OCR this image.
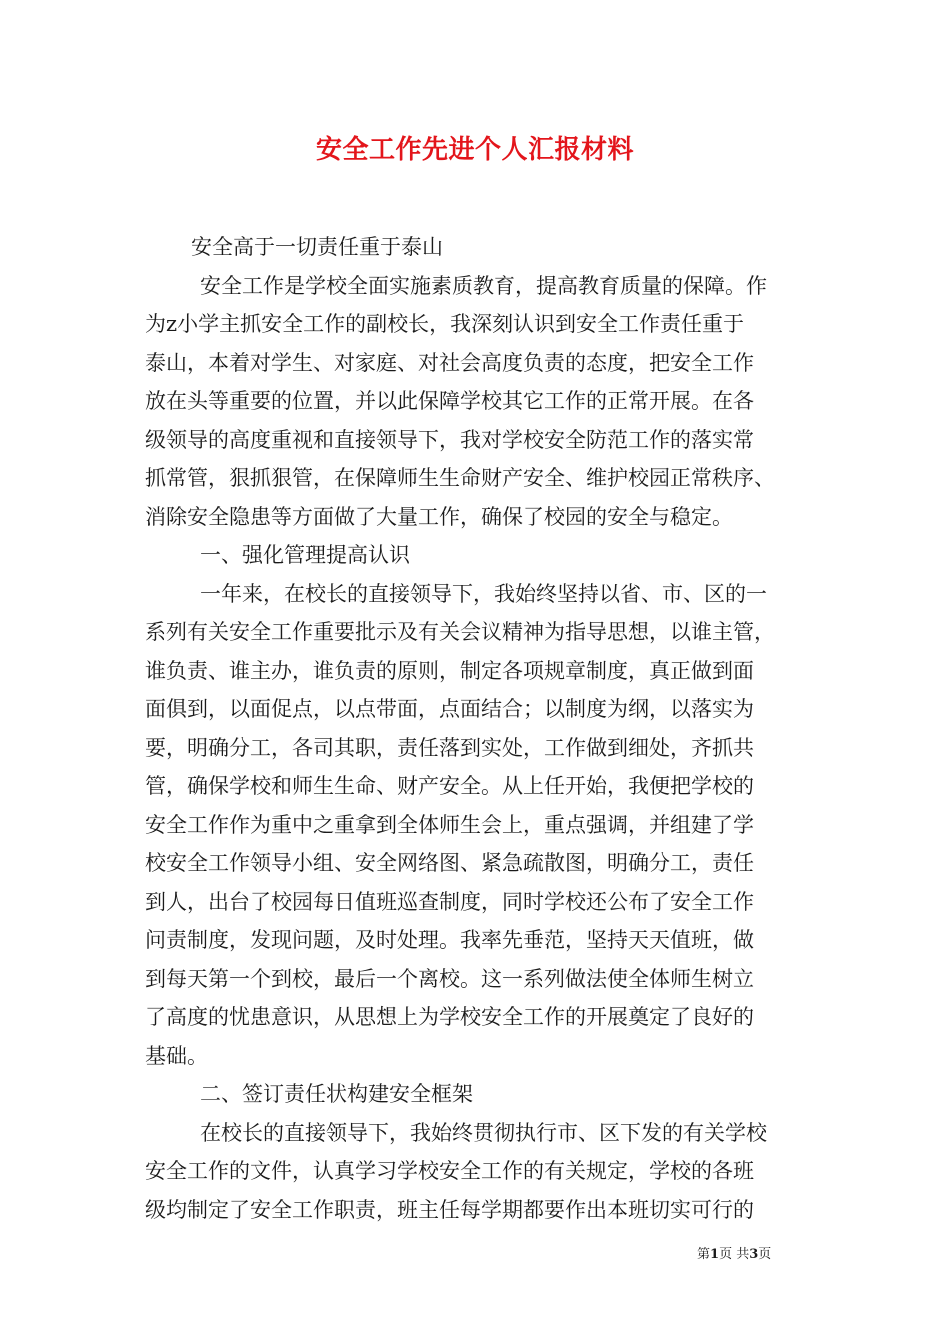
安全工作先进个人汇报材料
安全高于一切责任重于泰山
安全工作是学校全面实施素质教育，提高教育质量的保障。作
为z小学主抓安全工作的副校长，我深刻认识到安全工作责任重于
泰山，本着对学生、对家庭、对社会高度负责的态度，把安全工作
放在头等重要的位置，并以此保障学校其它工作的正常开展。在各
级领导的高度重视和直接领导下，我对学校安全防范工作的落实常
抓常管，狠抓狠管，在保障师生生命财产安全、维护校园正常秩序、
消除安全隐患等方面做了大量工作，确保了校园的安全与稳定。
一、强化管理提高认识
一年来，在校长的直接领导下，我始终坚持以省、市、区的一
系列有关安全工作重要批示及有关会议精神为指导思想，以谁主管，
谁负责、谁主办，谁负责的原则，制定各项规章制度，真正做到面
面俱到，以面促点，以点带面，点面结合；以制度为纲，以落实为
要，明确分工，各司其职，责任落到实处，工作做到细处，齐抓共
管，确保学校和师生生命、财产安全。从上任开始，我便把学校的
安全工作作为重中之重拿到全体师生会上，重点强调，并组建了学
校安全工作领导小组、安全网络图、紧急疏散图，明确分工，责任
到人，出台了校园每日值班巡查制度，同时学校还公布了安全工作
问责制度，发现问题，及时处理。我率先垂范，坚持天天值班，做
到每天第一个到校，最后一个离校。这一系列做法使全体师生树立
了高度的忧患意识，从思想上为学校安全工作的开展奠定了良好的
基础。
二、签订责任状构建安全框架
在校长的直接领导下，我始终贯彻执行市、区下发的有关学校
安全工作的文件，认真学习学校安全工作的有关规定，学校的各班
级均制定了安全工作职责，班主任每学期都要作出本班切实可行的
第1页 共3页
